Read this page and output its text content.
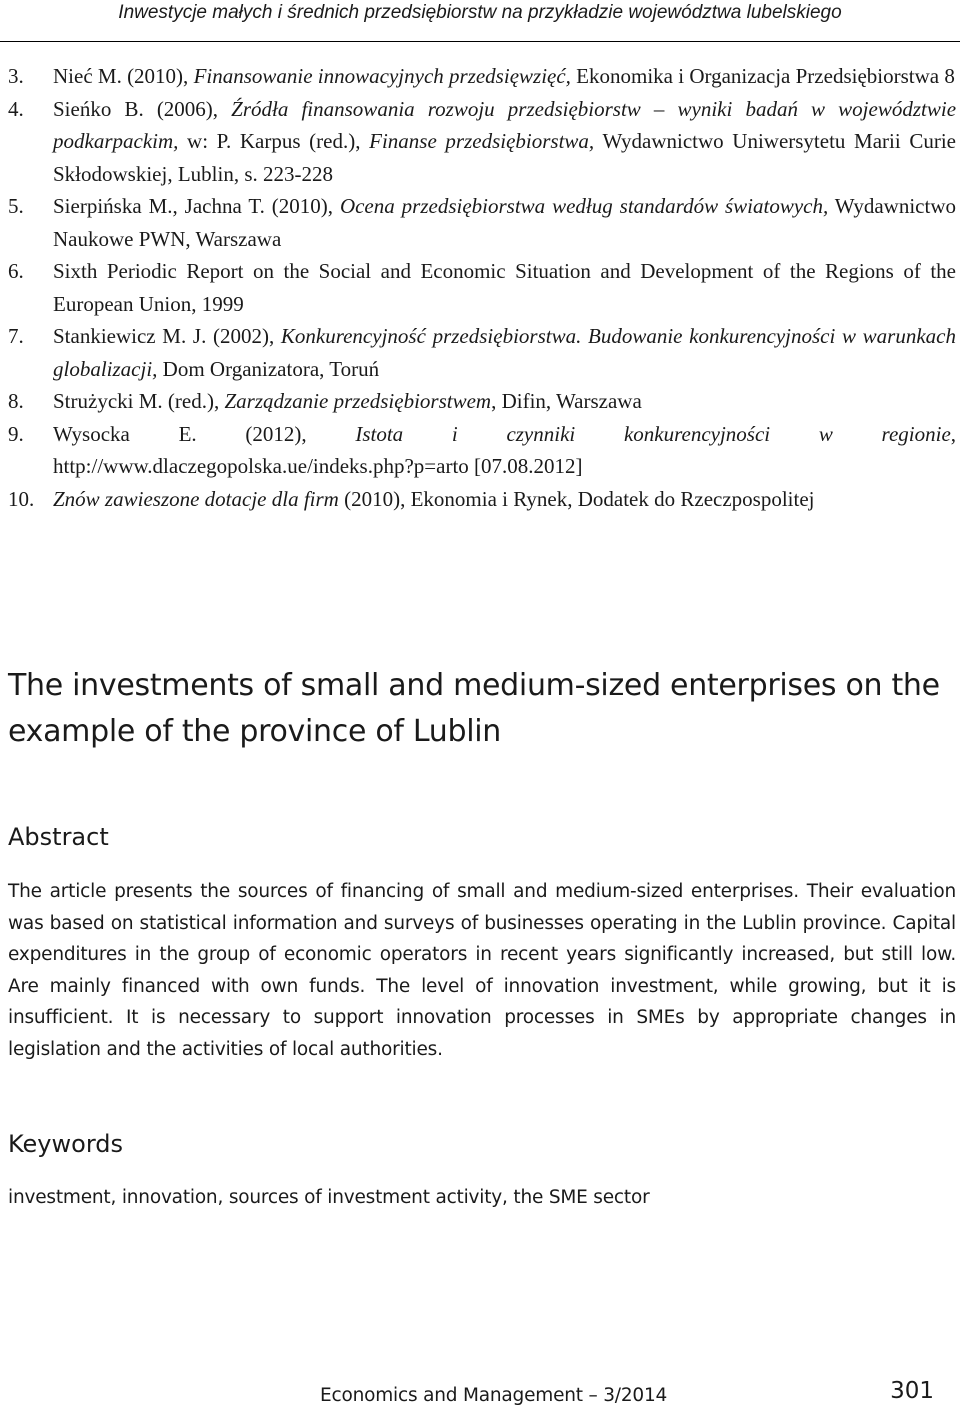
Inwestycje małych i średnich przedsiębiorstw na przykładzie województwa lubelskiego
3. Nieć M. (2010), Finansowanie innowacyjnych przedsięwzięć, Ekonomika i Organizacja Przedsiębiorstwa 8
4. Sieńko B. (2006), Źródła finansowania rozwoju przedsiębiorstw – wyniki badań w województwie podkarpackim, w: P. Karpus (red.), Finanse przedsiębiorstwa, Wydawnictwo Uniwersytetu Marii Curie Skłodowskiej, Lublin, s. 223-228
5. Sierpińska M., Jachna T. (2010), Ocena przedsiębiorstwa według standardów światowych, Wydawnictwo Naukowe PWN, Warszawa
6. Sixth Periodic Report on the Social and Economic Situation and Development of the Regions of the European Union, 1999
7. Stankiewicz M. J. (2002), Konkurencyjność przedsiębiorstwa. Budowanie konkurencyjności w warunkach globalizacji, Dom Organizatora, Toruń
8. Strużycki M. (red.), Zarządzanie przedsiębiorstwem, Difin, Warszawa
9. Wysocka E. (2012), Istota i czynniki konkurencyjności w regionie, http://www.dlaczegopolska.ue/indeks.php?p=arto [07.08.2012]
10. Znów zawieszone dotacje dla firm (2010), Ekonomia i Rynek, Dodatek do Rzeczpospolitej
The investments of small and medium-sized enterprises on the example of the province of Lublin
Abstract

The article presents the sources of financing of small and medium-sized enterprises. Their evaluation was based on statistical information and surveys of businesses operating in the Lublin province. Capital expenditures in the group of economic operators in recent years significantly increased, but still low. Are mainly financed with own funds. The level of innovation investment, while growing, but it is insufficient. It is necessary to support innovation processes in SMEs by appropriate changes in legislation and the activities of local authorities.

Keywords

investment, innovation, sources of investment activity, the SME sector

Economics and Management – 3/2014	301
